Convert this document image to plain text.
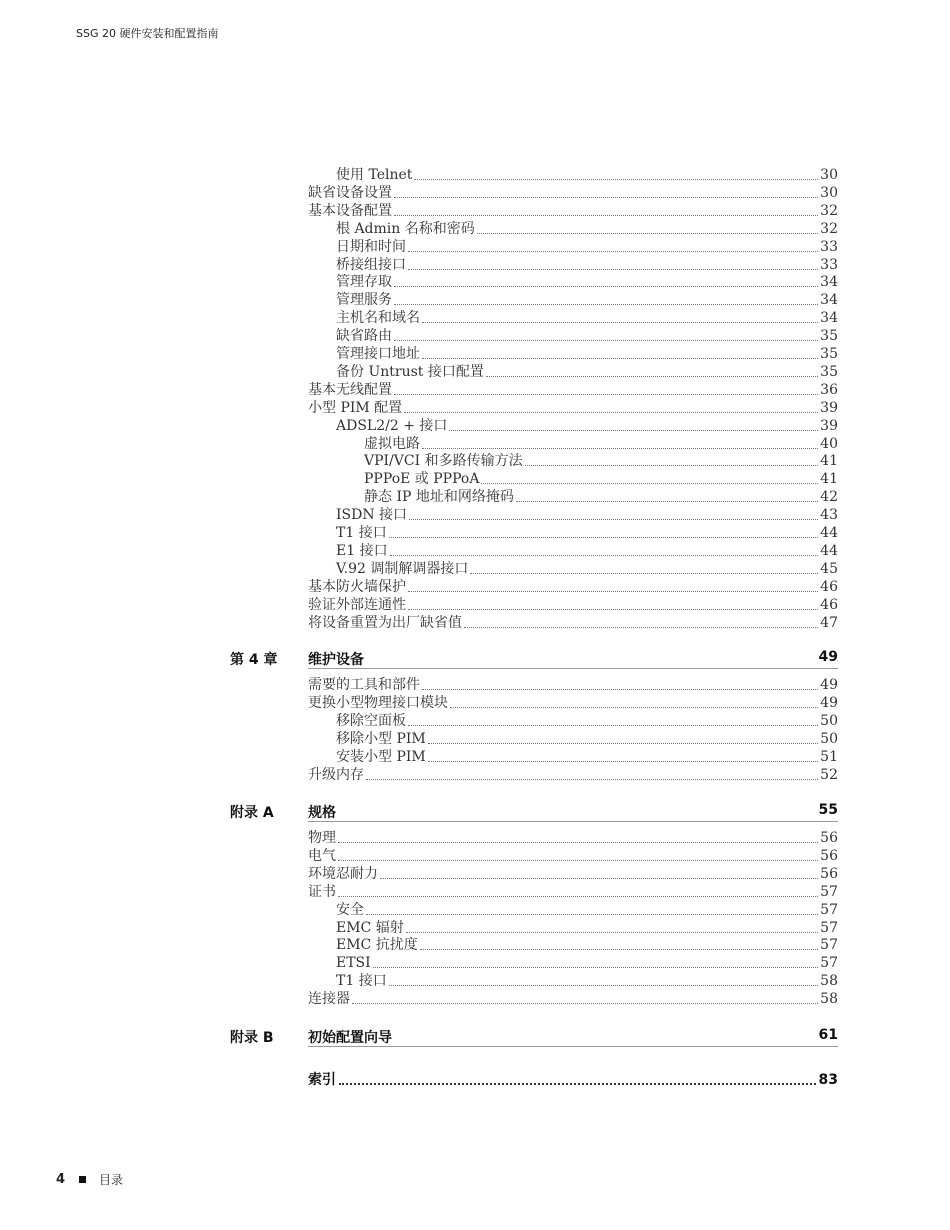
SSG 20 硬件安装和配置指南
使用 Telnet	30
缺省设备设置	30
基本设备配置	32
根 Admin 名称和密码	32
日期和时间	33
桥接组接口	33
管理存取	34
管理服务	34
主机名和域名	34
缺省路由	35
管理接口地址	35
备份 Untrust 接口配置	35
基本无线配置	36
小型 PIM 配置	39
ADSL2/2 + 接口	39
虚拟电路	40
VPI/VCI 和多路传输方法	41
PPPoE 或 PPPoA	41
静态 IP 地址和网络掩码	42
ISDN 接口	43
T1 接口	44
E1 接口	44
V.92 调制解调器接口	45
基本防火墙保护	46
验证外部连通性	46
将设备重置为出厂缺省值	47
第 4 章 维护设备	49
需要的工具和部件	49
更换小型物理接口模块	49
移除空面板	50
移除小型 PIM	50
安装小型 PIM	51
升级内存	52
附录 A 规格	55
物理	56
电气	56
环境忍耐力	56
证书	57
安全	57
EMC 辐射	57
EMC 抗扰度	57
ETSI	57
T1 接口	58
连接器	58
附录 B 初始配置向导	61
索引	83
4	目录
